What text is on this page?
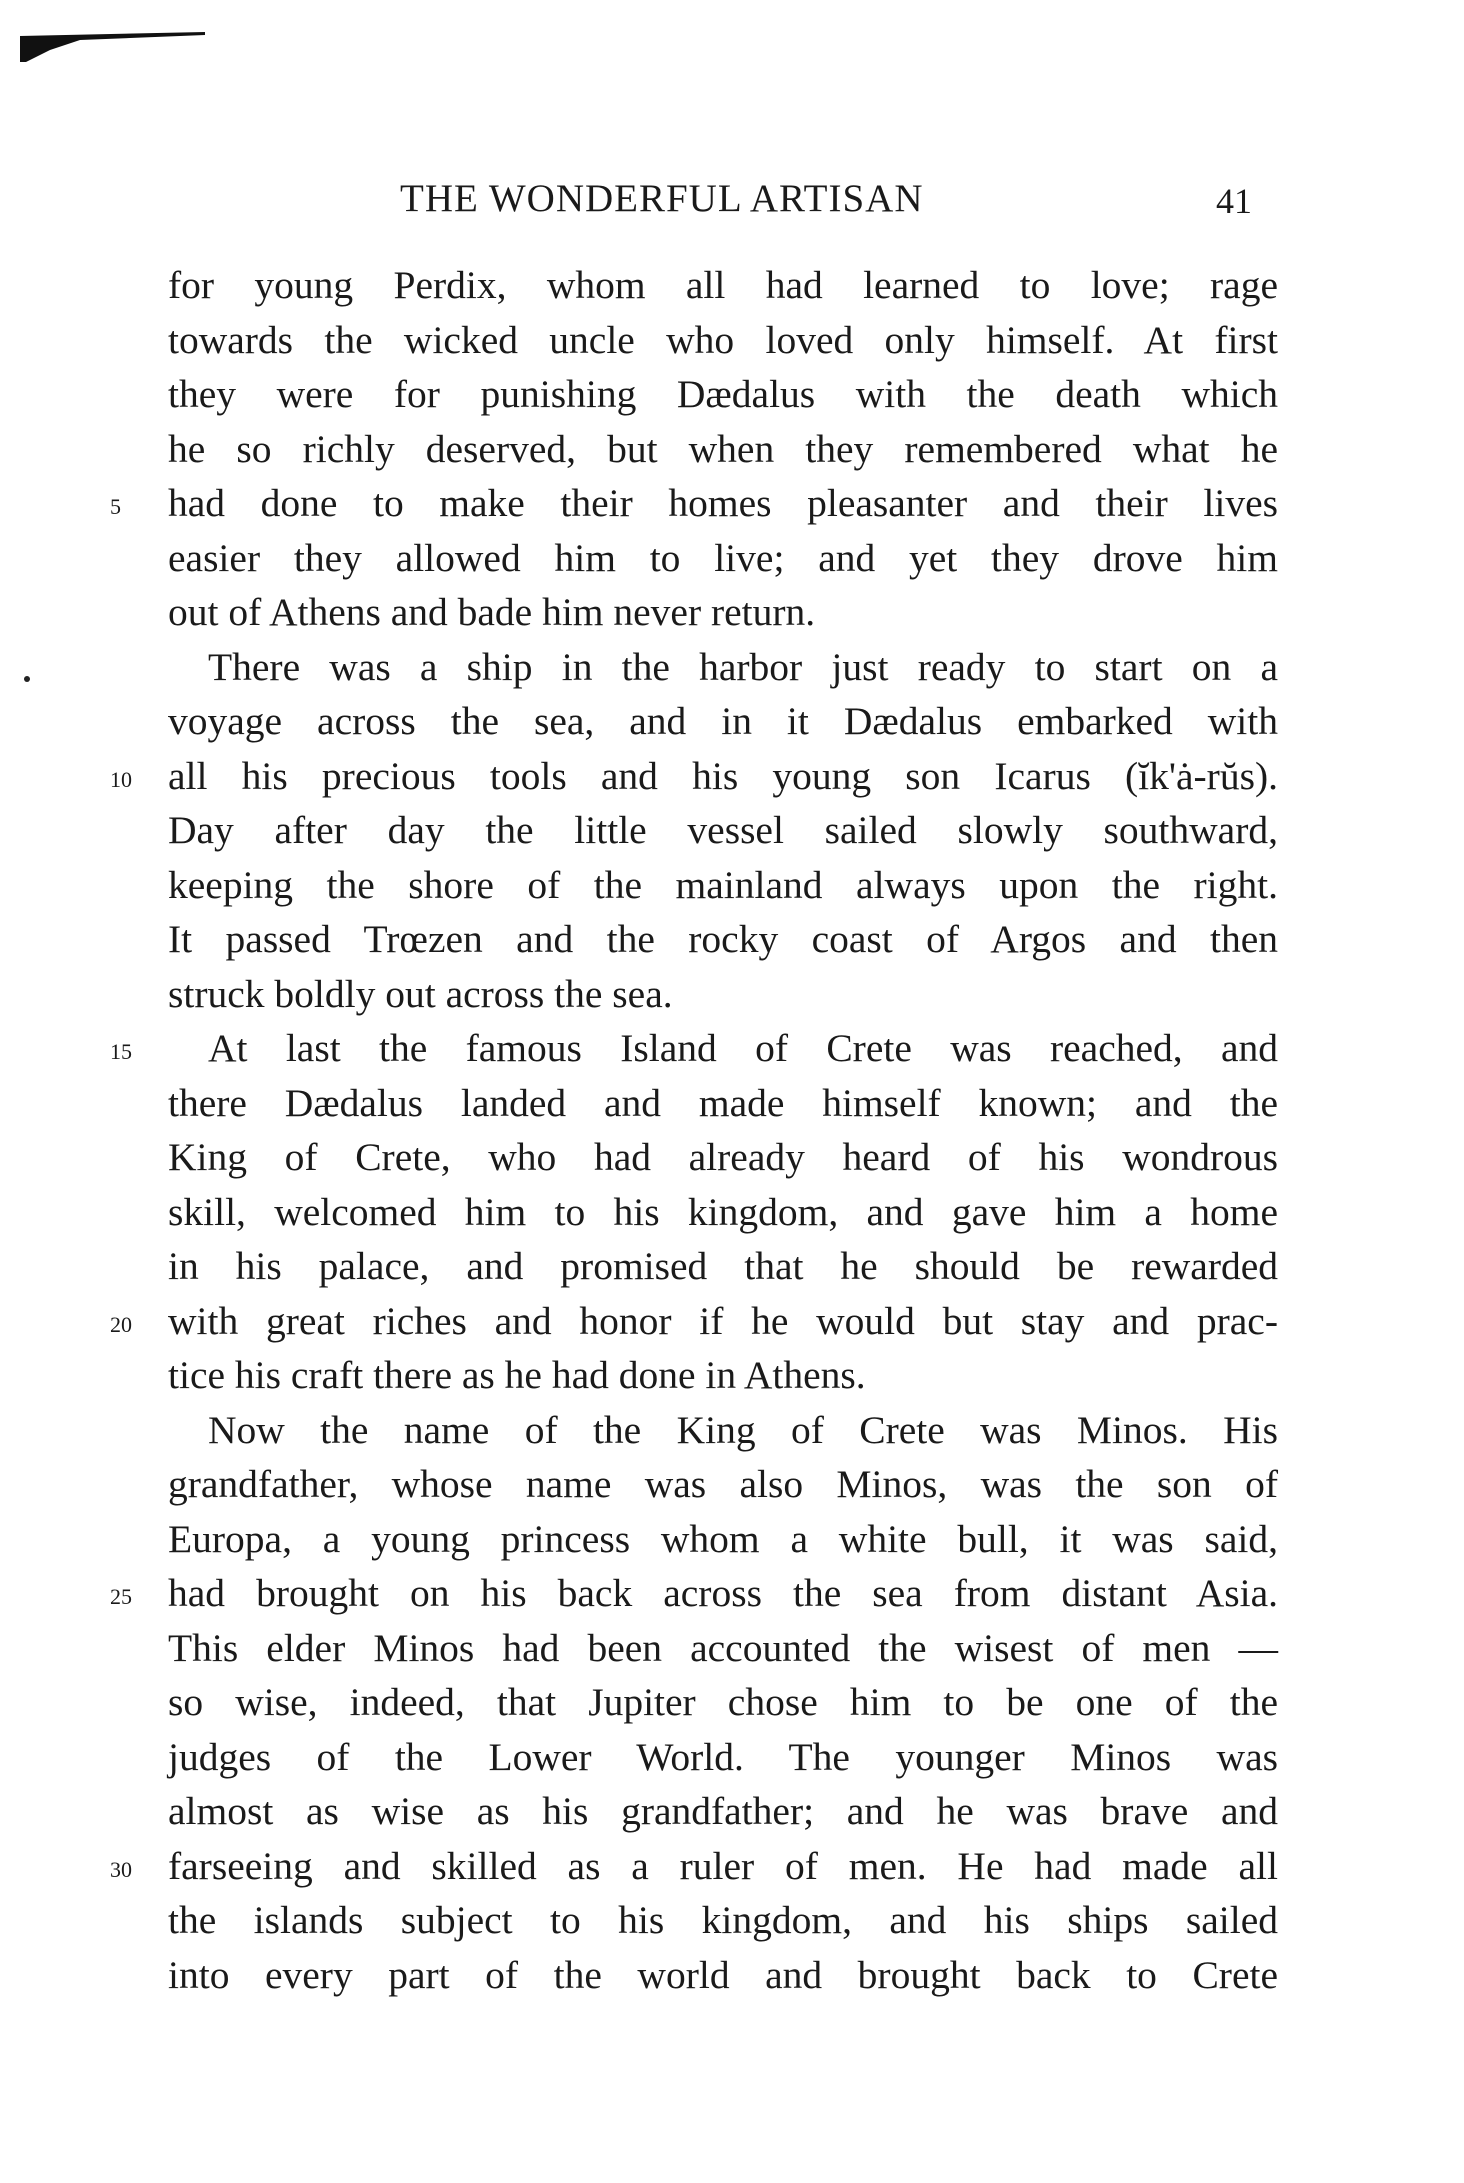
THE WONDERFUL ARTISAN	41
for young Perdix, whom all had learned to love; rage
towards the wicked uncle who loved only himself. At first
they were for punishing Dædalus with the death which
he so richly deserved, but when they remembered what he
5	had done to make their homes pleasanter and their lives
easier they allowed him to live; and yet they drove him
out of Athens and bade him never return.
There was a ship in the harbor just ready to start on a
voyage across the sea, and in it Dædalus embarked with
10 all his precious tools and his young son Icarus (ĭk'ȧ-rŭs).
Day after day the little vessel sailed slowly southward,
keeping the shore of the mainland always upon the right.
It passed Trœzen and the rocky coast of Argos and then
struck boldly out across the sea.
15	At last the famous Island of Crete was reached, and
there Dædalus landed and made himself known; and the
King of Crete, who had already heard of his wondrous
skill, welcomed him to his kingdom, and gave him a home
in his palace, and promised that he should be rewarded
20 with great riches and honor if he would but stay and prac-
tice his craft there as he had done in Athens.
Now the name of the King of Crete was Minos. His
grandfather, whose name was also Minos, was the son of
Europa, a young princess whom a white bull, it was said,
25 had brought on his back across the sea from distant Asia.
This elder Minos had been accounted the wisest of men —
so wise, indeed, that Jupiter chose him to be one of the
judges of the Lower World. The younger Minos was
almost as wise as his grandfather; and he was brave and
30 farseeing and skilled as a ruler of men. He had made all
the islands subject to his kingdom, and his ships sailed
into every part of the world and brought back to Crete
